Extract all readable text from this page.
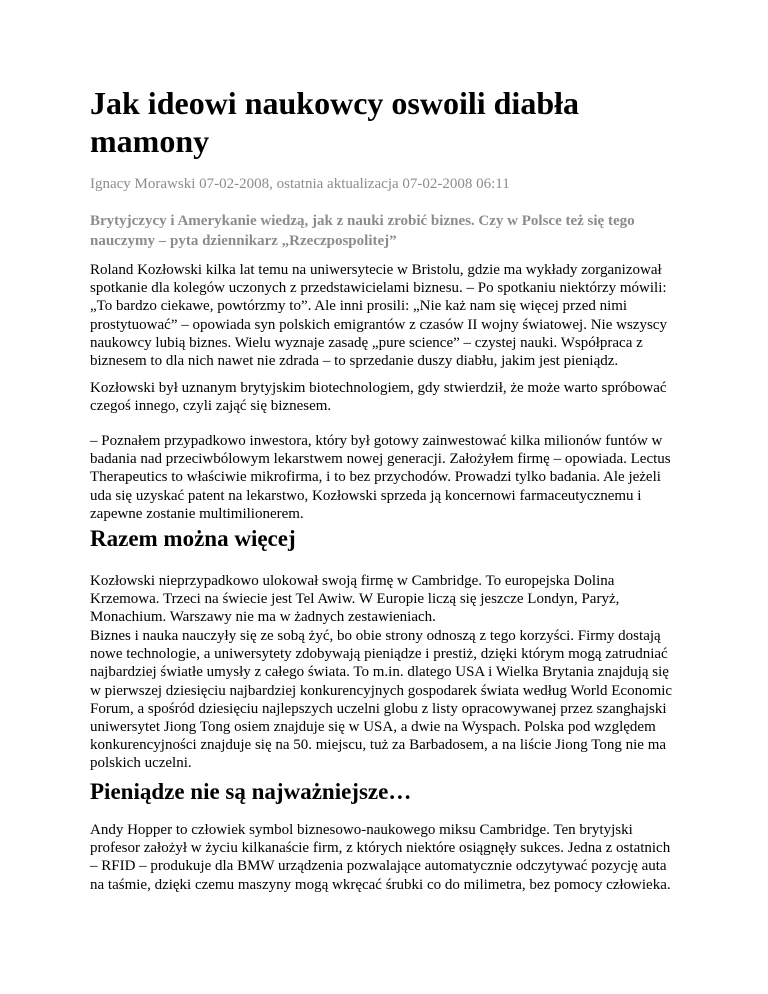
Jak ideowi naukowcy oswoili diabła mamony
Ignacy Morawski 07-02-2008, ostatnia aktualizacja 07-02-2008 06:11
Brytyjczycy i Amerykanie wiedzą, jak z nauki zrobić biznes. Czy w Polsce też się tego nauczymy – pyta dziennikarz „Rzeczpospolitej”

Roland Kozłowski kilka lat temu na uniwersytecie w Bristolu, gdzie ma wykłady zorganizował spotkanie dla kolegów uczonych z przedstawicielami biznesu. – Po spotkaniu niektórzy mówili: „To bardzo ciekawe, powtórzmy to”. Ale inni prosili: „Nie każ nam się więcej przed nimi prostytuować” – opowiada syn polskich emigrantów z czasów II wojny światowej. Nie wszyscy naukowcy lubią biznes. Wielu wyznaje zasadę „pure science” – czystej nauki. Współpraca z biznesem to dla nich nawet nie zdrada – to sprzedanie duszy diabłu, jakim jest pieniądz.

Kozłowski był uznanym brytyjskim biotechnologiem, gdy stwierdził, że może warto spróbować czegoś innego, czyli zająć się biznesem.

– Poznałem przypadkowo inwestora, który był gotowy zainwestować kilka milionów funtów w badania nad przeciwbólowym lekarstwem nowej generacji. Założyłem firmę – opowiada. Lectus Therapeutics to właściwie mikrofirma, i to bez przychodów. Prowadzi tylko badania. Ale jeżeli uda się uzyskać patent na lekarstwo, Kozłowski sprzeda ją koncernowi farmaceutycznemu i zapewne zostanie multimilionerem.

Razem można więcej

Kozłowski nieprzypadkowo ulokował swoją firmę w Cambridge. To europejska Dolina Krzemowa. Trzeci na świecie jest Tel Awiw. W Europie liczą się jeszcze Londyn, Paryż, Monachium. Warszawy nie ma w żadnych zestawieniach.

Biznes i nauka nauczyły się ze sobą żyć, bo obie strony odnoszą z tego korzyści. Firmy dostają nowe technologie, a uniwersytety zdobywają pieniądze i prestiż, dzięki którym mogą zatrudniać najbardziej światłe umysły z całego świata. To m.in. dlatego USA i Wielka Brytania znajdują się w pierwszej dziesięciu najbardziej konkurencyjnych gospodarek świata według World Economic Forum, a spośród dziesięciu najlepszych uczelni globu z listy opracowywanej przez szanghajski uniwersytet Jiong Tong osiem znajduje się w USA, a dwie na Wyspach. Polska pod względem konkurencyjności znajduje się na 50. miejscu, tuż za Barbadosem, a na liście Jiong Tong nie ma polskich uczelni.

Pieniądze nie są najważniejsze…

Andy Hopper to człowiek symbol biznesowo-naukowego miksu Cambridge. Ten brytyjski profesor założył w życiu kilkanaście firm, z których niektóre osiągnęły sukces. Jedna z ostatnich – RFID – produkuje dla BMW urządzenia pozwalające automatycznie odczytywać pozycję auta na taśmie, dzięki czemu maszyny mogą wkręcać śrubki co do milimetra, bez pomocy człowieka.
